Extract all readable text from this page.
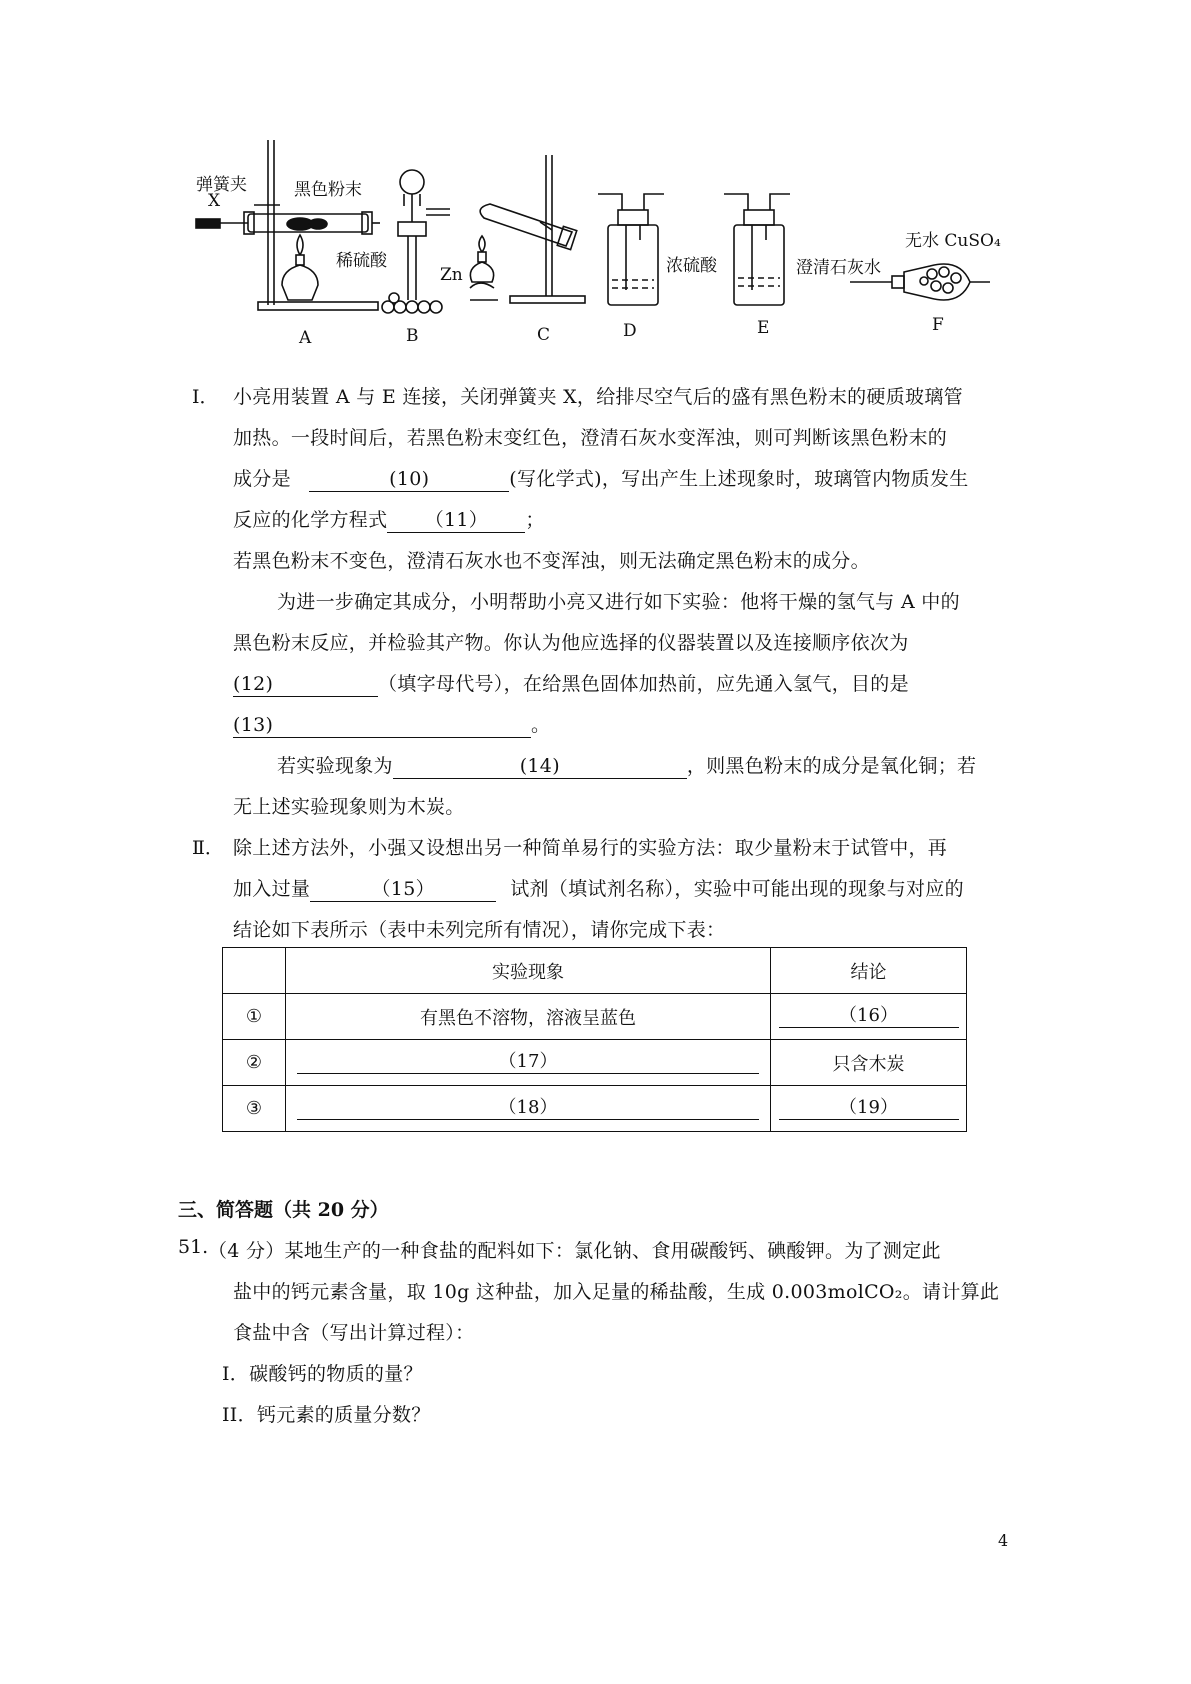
弹簧夹
X
黑色粉末
稀硫酸
Zn	浓硫酸	澄清石灰水
无水 CuSO₄
A	B	C	D	E	F
Ⅰ． 小亮用装置 A 与 E 连接，关闭弹簧夹 X，给排尽空气后的盛有黑色粉末的硬质玻璃管
加热。一段时间后，若黑色粉末变红色，澄清石灰水变浑浊，则可判断该黑色粉末的
成分是	(10)	(写化学式)，写出产生上述现象时，玻璃管内物质发生
反应的化学方程式 （11） ；
若黑色粉末不变色，澄清石灰水也不变浑浊，则无法确定黑色粉末的成分。
为进一步确定其成分，小明帮助小亮又进行如下实验：他将干燥的氢气与 A 中的
黑色粉末反应，并检验其产物。你认为他应选择的仪器装置以及连接顺序依次为
(12)	（填字母代号），在给黑色固体加热前，应先通入氢气，目的是
(13)	。
若实验现象为	(14)	，则黑色粉末的成分是氧化铜；若
无上述实验现象则为木炭。
Ⅱ． 除上述方法外，小强又设想出另一种简单易行的实验方法：取少量粉末于试管中，再
加入过量	（15）	试剂（填试剂名称），实验中可能出现的现象与对应的
结论如下表所示（表中未列完所有情况），请你完成下表：
	实验现象	结论
①	有黑色不溶物，溶液呈蓝色	（16）
②	（17）	只含木炭
③	（18）	（19）
三、简答题（共 20 分）
51. （4 分）某地生产的一种食盐的配料如下：氯化钠、食用碳酸钙、碘酸钾。为了测定此
盐中的钙元素含量，取 10g 这种盐，加入足量的稀盐酸，生成 0.003molCO₂。请计算此
食盐中含（写出计算过程）：
I．碳酸钙的物质的量？
II．钙元素的质量分数？
4
